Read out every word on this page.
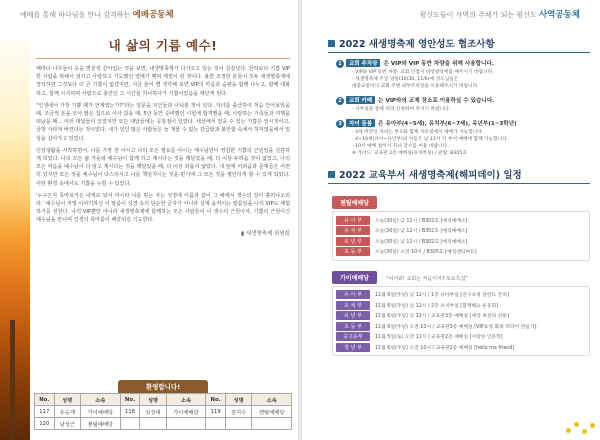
예배를 통해 하나님을 만나 감격하는 예배공동체
내 삶의 기름 예수!

해마다 나무들이 옷을 벌꿀색 갈아입는 것을 보면, 새생명축제가 다가오고 있는 것이 실감난다. 한하보다 기쁨 VIP 한 사람을 위해서 섬기고 사랑하고 기도했던 열매가 맺혀 계절이 된 것이다. 올한 조정한 분들이 모두 새생명축제에 정석하면 그것보다 더 큰 기쁨이 없겠지만, 지금 들이 별 생각해 보면 VIP의 마음과 습관을 함께 나누고, 함께 대화하고, 함께 시식하며 사람으로 충만던 그 시간들 하나하나가 기쁨이었음을 깨닫게 된다.

"인생에서 가장 기쁠 때가 언제였는가?"라는 질문을 지인들과 나눠본 적이 있다. 자녀를 출산하여 처음 안아보았을 때, 조금씩 돈을 모아 팔은 집으로 이사 갔을 때, 5년 동안 준비했던 시험에 합격했을 때, 사랑하는 가족들과 여행을 떠났을 때... 여러 대답들이 있었지만 모든 대답들에는 공통점이 있었다. 세상에서 얻을 수 있는 기쁨은 일시적이고, 금방 사라져 버린다는 것이었다. 내가 얻던 많은 사람들은 늘 재물 수 없는 갈급함과 불안함 속에서 허덕였을에서 일상을 살아가고 있었다.

신앙생활을 시작하면서, 나를 가장 잘 아시고 나의 모든 필요를 아시는 예수님만이 영원한 기쁨의 근원임을 실감하게 되었다. 나의 모든 삶 가운데 예수님이 함께 하고 계시다는 것을 깨달았을 때, 더 이상 두려움 것이 없었고, 나의 모든 마음을 예수님이 다 알고 계시다는 것을 깨달았을 때, 더 이상 외롭지 않았다. 내 앞에 어려움과 문제들은 여전히 있지만 모든 것을 예수님이 다스리시고 나를 책임지시는 것을 믿기에 그 모든 것을 평안하게 할 수 있게 되었다. 어떤 환경 속에서도 기쁨을 누릴 수 있었다.

'누구든지 목마르거든 내게로 와서 마시라 나를 믿는 자는 성경에 이름과 같이 그 배에서 생수의 강이 흘러나오리라.' 예수님이 저렇 이야기하신 이 말씀이 성경 속의 단순한 글자가 아니라 실제 움직이는 말씀임을 나의 VIP도 체험하기를 원한다. 나의 VIP뿐만 아니라 새생명축제에 함께하는 모든 사람들이 이 생수의 근원이자, 기쁨의 근원이신 예수님을 만나며 인생의 목마름이 해갈되길 기도한다.

▮ 새생명축제 위원회
환영합니다!
No.	성명	소속	No.	성명	소속	No.	성명	소속
117	유승재	가이예배당	118	임성대	가이예배당	119	김지수	젠틸예배당
120	남성근	젠틸예배당						
평신도들이 사역의 주체가 되는 평신도 사역공동체
2022 새생명축제 영안성도 협조사항
1 교회 주차장 은 VIP와 VIP 동반 차량을 위해 사용합니다.
- VIP와 VIP 동반 차량: 교회 인접지 바랑광장에를 예주시기 바랍니다.
- 새생명축제 주일 당일(10/30, 11/6)에 성도님들은
대중교통이나 교회 주변 외부주차장을 이용해주시기 바랍니다.
2 교회 카페 는 VIP와의 교제 장소로 이용하실 수 있습니다.
- 사무실을 통해 미리 신청하여 주시기 바랍니다.
3 자녀 돌봄 은 유아부(4~5세), 유치부(6~7세), 유년부(1~3학년)
- 4세 미만인 자녀는 부모와 함께 자모실에서 예배가 가능합니다.
- 4~10세(유아~유년부)의 아동은 낮 12시 각 부서 예배에 함께 가능합니다.
- 10시 예배 참석시 자녀 장소를 이용 바랍니다.
※ 가이드: 교육관 2층 예배실(유치부실) / 관람: B305호
2022 교육부서 새생명축제(해피데이) 일정
젠틸예배당
유 아 부	오늘(30일) 낮 12시 / B302호 [예직예배소]
유 치 부	오늘(30일) 낮 12시 / B302호 [예직예배소]
유 년 부	오늘(30일) 낮 12시 / B302호 [예직예배소]
초 등 부	오늘(30일) 오전 10시 / B305호 [예직센터마트]
가이예배당	"어서와! 교회는 처음이지? 토요특집"
유 아 부	11월 6일(주일) 낮 12시 / 1층 유아부실 [친구초청 달란트 잔치]
유 치 부	11월 6일(주일) 낮 12시 / 2층 유치부실 [함께해요 운동회]
유 년 부	11월 6일(주일) 낮 12시 / 교육관3층 예배실 [세상 최선의 선물]
초 등 부	11월 6일(주일) 오전 10시 / 교육관3층 예배실 [VIP초청 화목 떡파어 만들기]
중고등부	11월 5일(토) 오전 11시 / 교육관2층 예배실 [사랑한 인문학]
청 년 부	11월 6일(주일) 오전 10시 / 교육관2층 예배실 [hello ma friend]
